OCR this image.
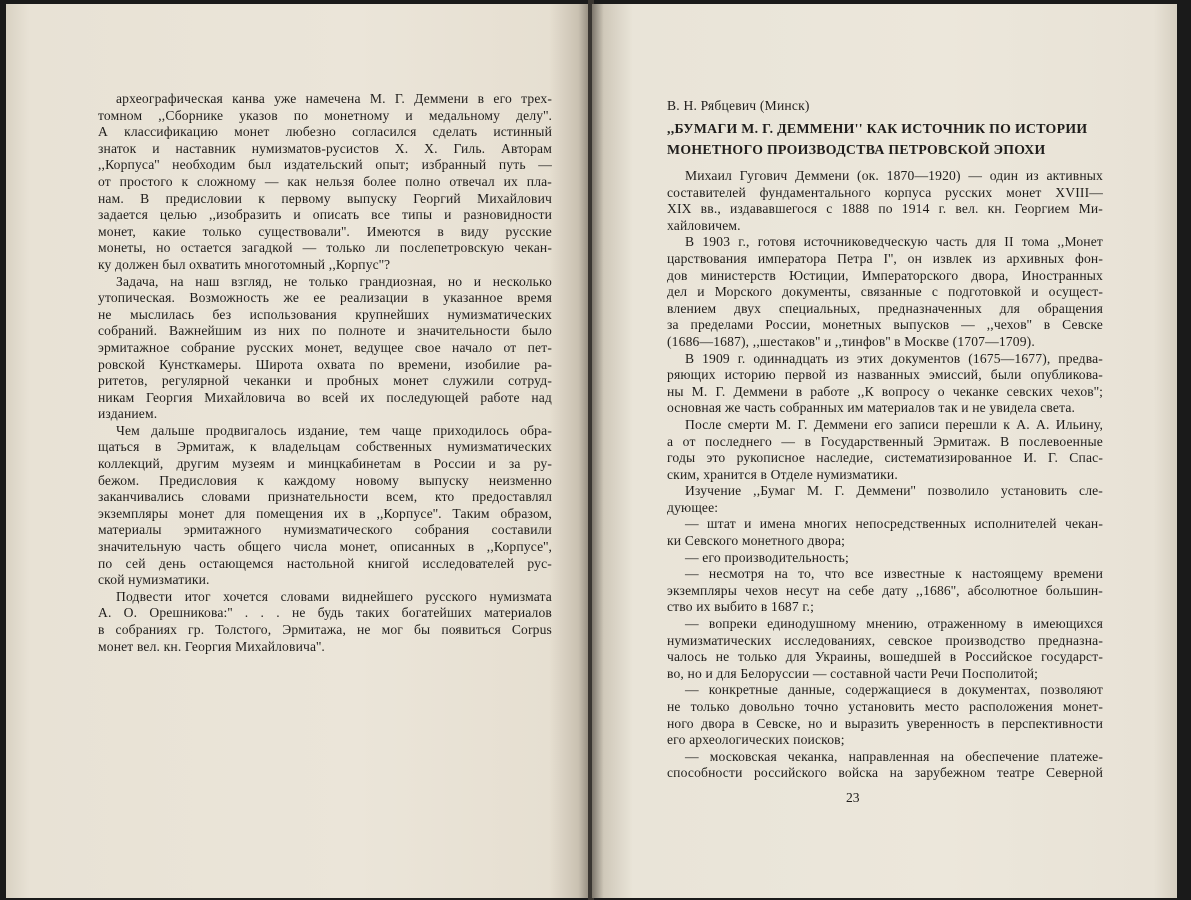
археографическая канва уже намечена М. Г. Деммени в его трех-
томном ,,Сборнике указов по монетному и медальному делу''.
А классификацию монет любезно согласился сделать истинный
знаток и наставник нумизматов-русистов Х. Х. Гиль. Авторам
,,Корпуса'' необходим был издательский опыт; избранный путь —
от простого к сложному — как нельзя более полно отвечал их пла-
нам. В предисловии к первому выпуску Георгий Михайлович
задается целью ,,изобразить и описать все типы и разновидности
монет, какие только существовали''. Имеются в виду русские
монеты, но остается загадкой — только ли послепетровскую чекан-
ку должен был охватить многотомный ,,Корпус''?
Задача, на наш взгляд, не только грандиозная, но и несколько
утопическая. Возможность же ее реализации в указанное время
не мыслилась без использования крупнейших нумизматических
собраний. Важнейшим из них по полноте и значительности было
эрмитажное собрание русских монет, ведущее свое начало от пет-
ровской Кунсткамеры. Широта охвата по времени, изобилие ра-
ритетов, регулярной чеканки и пробных монет служили сотруд-
никам Георгия Михайловича во всей их последующей работе над
изданием.
Чем дальше продвигалось издание, тем чаще приходилось обра-
щаться в Эрмитаж, к владельцам собственных нумизматических
коллекций, другим музеям и минцкабинетам в России и за ру-
бежом. Предисловия к каждому новому выпуску неизменно
заканчивались словами признательности всем, кто предоставлял
экземпляры монет для помещения их в ,,Корпусе''. Таким образом,
материалы эрмитажного нумизматического собрания составили
значительную часть общего числа монет, описанных в ,,Корпусе'',
по сей день остающемся настольной книгой исследователей рус-
ской нумизматики.
Подвести итог хочется словами виднейшего русского нумизмата
А. О. Орешникова:'' . . . не будь таких богатейших материалов
в собраниях гр. Толстого, Эрмитажа, не мог бы появиться Corpus
монет вел. кн. Георгия Михайловича''.
В. Н. Рябцевич (Минск)
,,БУМАГИ М. Г. ДЕММЕНИ'' КАК ИСТОЧНИК ПО ИСТОРИИ
МОНЕТНОГО ПРОИЗВОДСТВА ПЕТРОВСКОЙ ЭПОХИ
Михаил Гугович Деммени (ок. 1870—1920) — один из активных
составителей фундаментального корпуса русских монет XVIII—
XIX вв., издававшегося с 1888 по 1914 г. вел. кн. Георгием Ми-
хайловичем.
В 1903 г., готовя источниковедческую часть для II тома ,,Монет
царствования императора Петра I'', он извлек из архивных фон-
дов министерств Юстиции, Императорского двора, Иностранных
дел и Морского документы, связанные с подготовкой и осущест-
влением двух специальных, предназначенных для обращения
за пределами России, монетных выпусков — ,,чехов'' в Севске
(1686—1687), ,,шестаков'' и ,,тинфов'' в Москве (1707—1709).
В 1909 г. одиннадцать из этих документов (1675—1677), предва-
ряющих историю первой из названных эмиссий, были опубликова-
ны М. Г. Деммени в работе ,,К вопросу о чеканке севских чехов'';
основная же часть собранных им материалов так и не увидела света.
После смерти М. Г. Деммени его записи перешли к А. А. Ильину,
а от последнего — в Государственный Эрмитаж. В послевоенные
годы это рукописное наследие, систематизированное И. Г. Спас-
ским, хранится в Отделе нумизматики.
Изучение ,,Бумаг М. Г. Деммени'' позволило установить сле-
дующее:
— штат и имена многих непосредственных исполнителей чекан-
ки Севского монетного двора;
— его производительность;
— несмотря на то, что все известные к настоящему времени
экземпляры чехов несут на себе дату ,,1686'', абсолютное большин-
ство их выбито в 1687 г.;
— вопреки единодушному мнению, отраженному в имеющихся
нумизматических исследованиях, севское производство предназна-
чалось не только для Украины, вошедшей в Российское государст-
во, но и для Белоруссии — составной части Речи Посполитой;
— конкретные данные, содержащиеся в документах, позволяют
не только довольно точно установить место расположения монет-
ного двора в Севске, но и выразить уверенность в перспективности
его археологических поисков;
— московская чеканка, направленная на обеспечение платеже-
способности российского войска на зарубежном театре Северной
23
